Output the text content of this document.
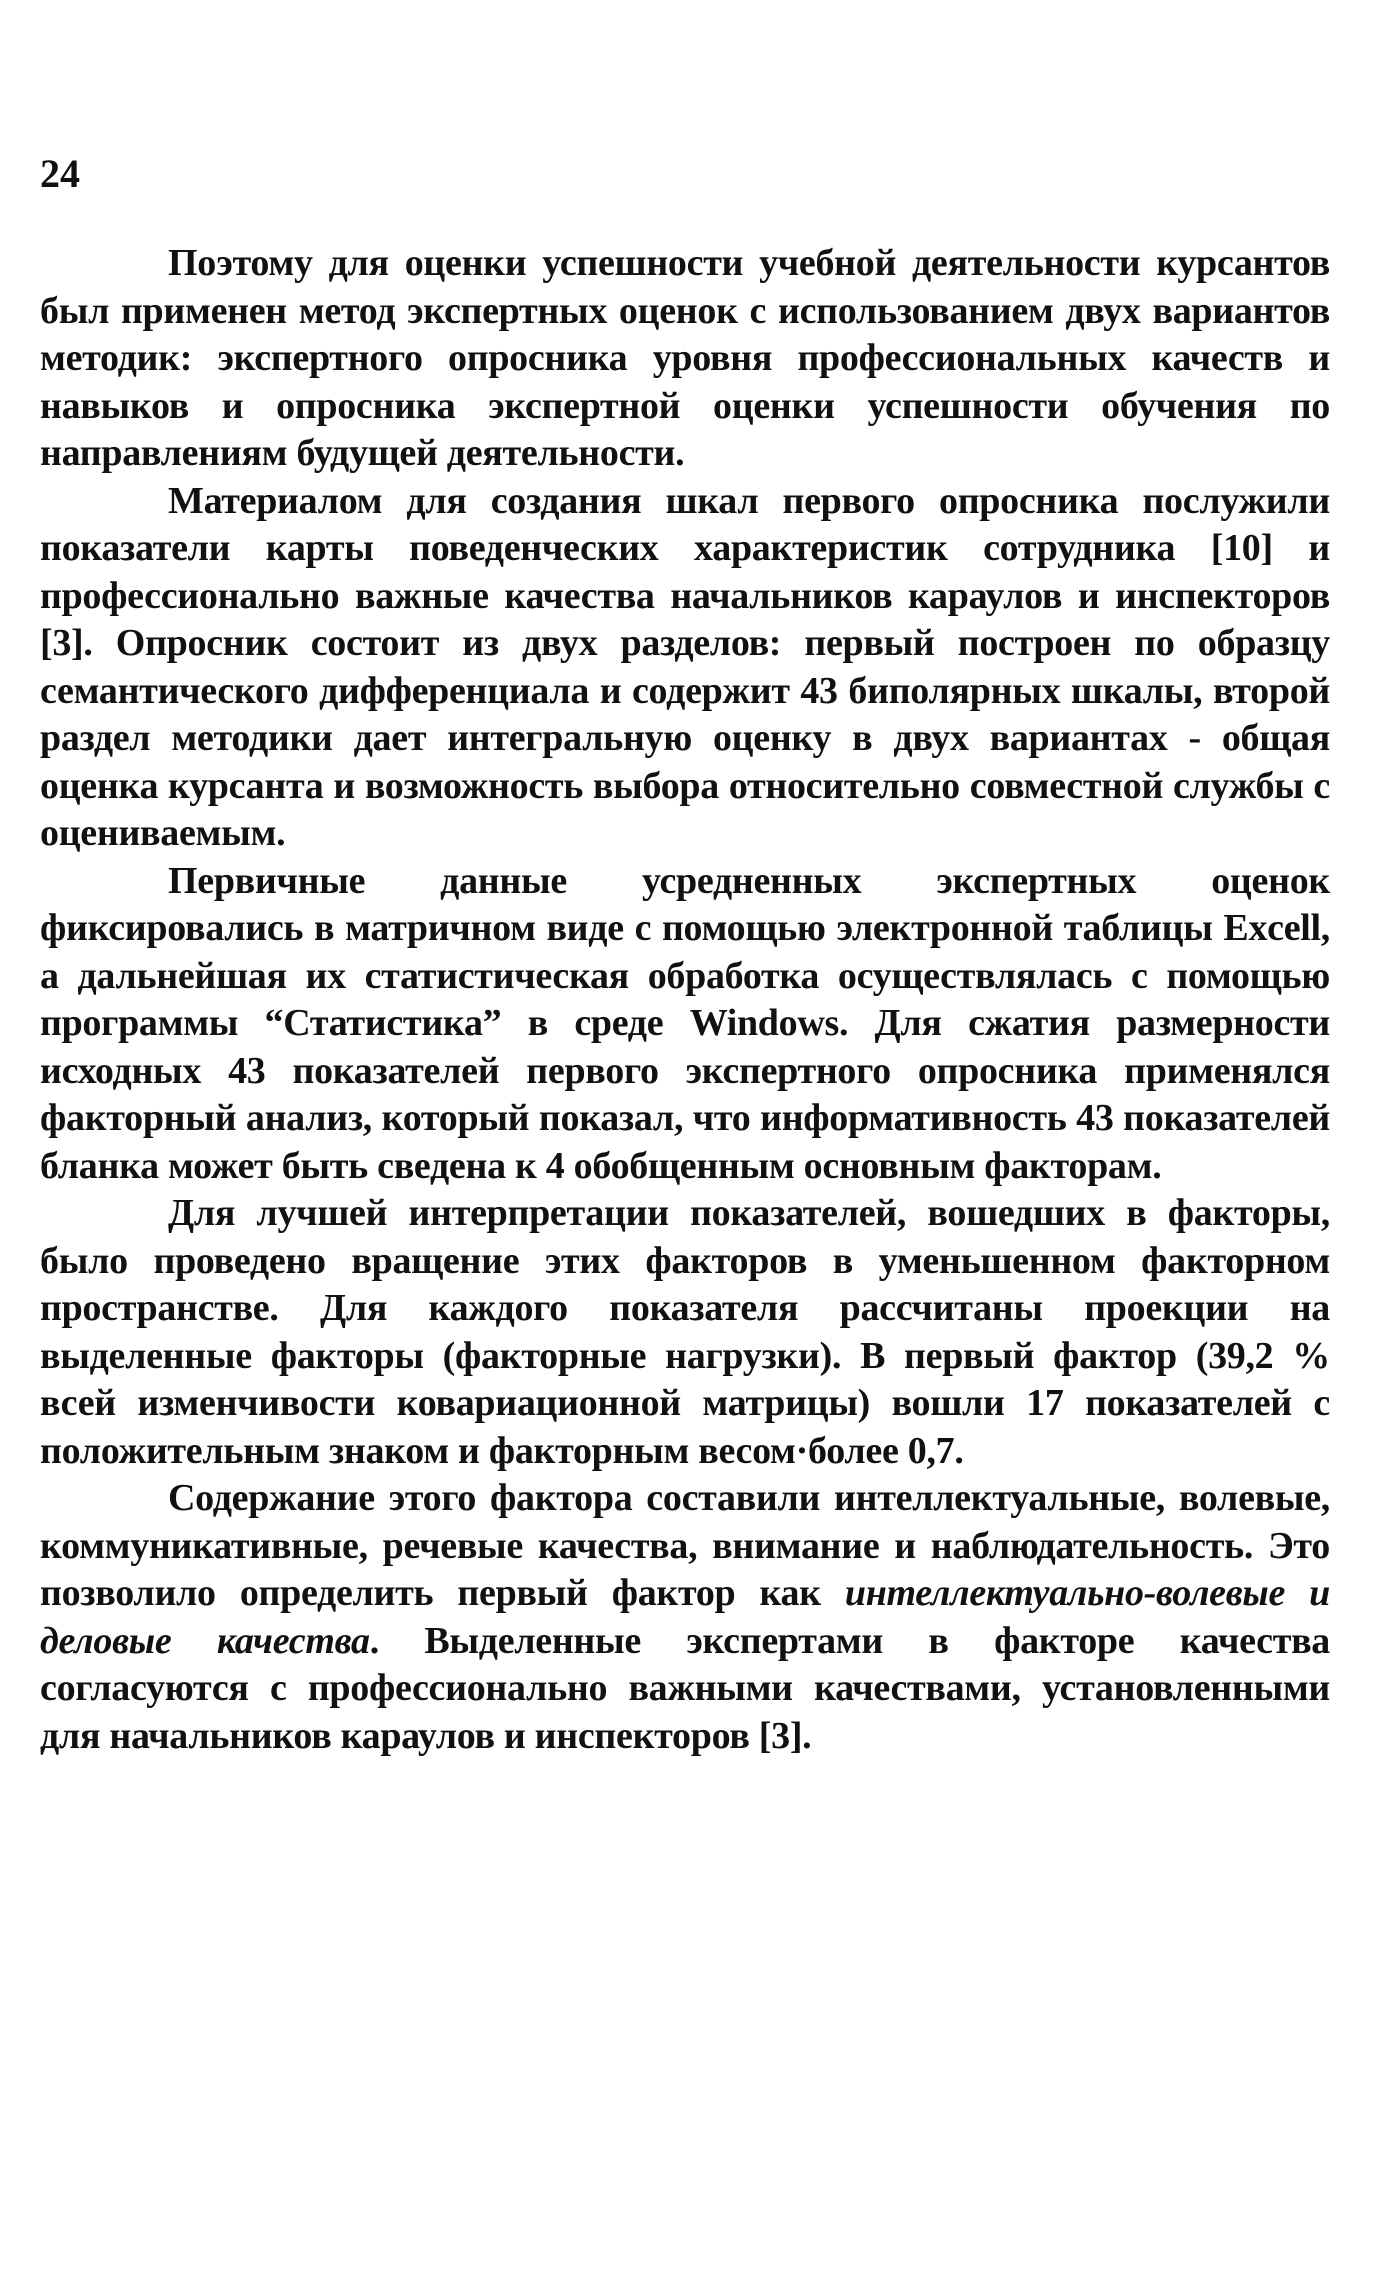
24

Поэтому для оценки успешности учебной деятельности курсантов был применен метод экспертных оценок с использованием двух вариантов методик: экспертного опросника уровня профессиональных качеств и навыков и опросника экспертной оценки успешности обучения по направлениям будущей деятельности.

Материалом для создания шкал первого опросника послужили показатели карты поведенческих характеристик сотрудника [10] и профессионально важные качества начальников караулов и инспекторов [3]. Опросник состоит из двух разделов: первый построен по образцу семантического дифференциала и содержит 43 биполярных шкалы, второй раздел методики дает интегральную оценку в двух вариантах - общая оценка курсанта и возможность выбора относительно совместной службы с оцениваемым.

Первичные данные усредненных экспертных оценок фиксировались в матричном виде с помощью электронной таблицы Excell, а дальнейшая их статистическая обработка осуществлялась с помощью программы “Статистика” в среде Windows. Для сжатия размерности исходных 43 показателей первого экспертного опросника применялся факторный анализ, который показал, что информативность 43 показателей бланка может быть сведена к 4 обобщенным основным факторам.

Для лучшей интерпретации показателей, вошедших в факторы, было проведено вращение этих факторов в уменьшенном факторном пространстве. Для каждого показателя рассчитаны проекции на выделенные факторы (факторные нагрузки). В первый фактор (39,2 % всей изменчивости ковариационной матрицы) вошли 17 показателей с положительным знаком и факторным весом·более 0,7.

Содержание этого фактора составили интеллектуальные, волевые, коммуникативные, речевые качества, внимание и наблюдательность. Это позволило определить первый фактор как интеллектуально-волевые и деловые качества. Выделенные экспертами в факторе качества согласуются с профессионально важными качествами, установленными для начальников караулов и инспекторов [3].
